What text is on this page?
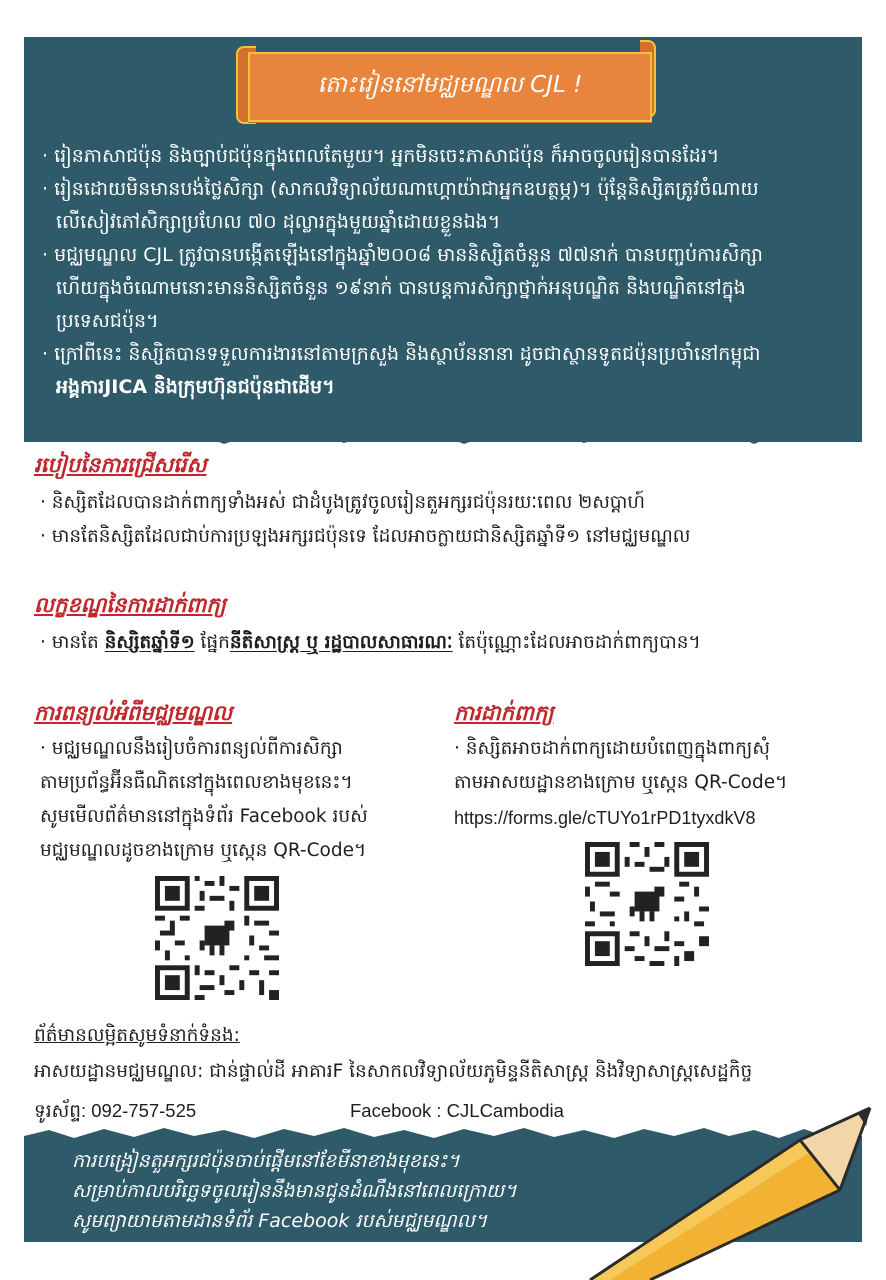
តោះរៀននៅមជ្ឈមណ្ឌល CJL !

· រៀនភាសាជប៉ុន និងច្បាប់ជប៉ុនក្នុងពេលតែមួយ។ អ្នកមិនចេះភាសាជប៉ុន ក៏អាចចូលរៀនបានដែរ។

· រៀនដោយមិនមានបង់ថ្លៃសិក្សា (សាកលវិទ្យាល័យណាហ្គោយ៉ាជាអ្នកឧបត្ថម្ភ)។ ប៉ុន្តែនិស្សិតត្រូវចំណាយ

លើសៀវភៅសិក្សាប្រហែល ៧០ ដុល្លារក្នុងមួយឆ្នាំដោយខ្លួនឯង។

· មជ្ឈមណ្ឌល CJL ត្រូវបានបង្កើតឡើងនៅក្នុងឆ្នាំ២០០៨ មាននិស្សិតចំនួន ៧៧នាក់ បានបញ្ចប់ការសិក្សា

ហើយក្នុងចំណោមនោះមាននិស្សិតចំនួន ១៩នាក់ បានបន្តការសិក្សាថ្នាក់អនុបណ្ឌិត និងបណ្ឌិតនៅក្នុង

ប្រទេសជប៉ុន។

· ក្រៅពីនេះ និស្សិតបានទទួលការងារនៅតាមក្រសួង និងស្ថាប័ននានា ដូចជាស្ថានទូតជប៉ុនប្រចាំនៅកម្ពុជា

អង្គការJICA និងក្រុមហ៊ុនជប៉ុនជាដើម។

របៀបនៃការជ្រើសរើស
· និស្សិតដែលបានដាក់ពាក្យទាំងអស់ ជាដំបូងត្រូវចូលរៀនតួអក្សរជប៉ុនរយៈពេល ២សប្តាហ៍
· មានតែនិស្សិតដែលជាប់ការប្រឡងអក្សរជប៉ុនទេ ដែលអាចក្លាយជានិស្សិតឆ្នាំទី១ នៅមជ្ឈមណ្ឌល
លក្ខខណ្ឌនៃការដាក់ពាក្យ
· មានតែ និស្សិតឆ្នាំទី១ ផ្នែកនីតិសាស្ត្រ ឬ រដ្ឋបាលសាធារណៈ តែប៉ុណ្ណោះដែលអាចដាក់ពាក្យបាន។
ការពន្យល់អំពីមជ្ឈមណ្ឌល
· មជ្ឈមណ្ឌលនឹងរៀបចំការពន្យល់ពីការសិក្សា
តាមប្រព័ន្ធអ៊ីនធឺណិតនៅក្នុងពេលខាងមុខនេះ។
សូមមើលព័ត៌មាននៅក្នុងទំព័រ Facebook របស់
មជ្ឈមណ្ឌលដូចខាងក្រោម ឬស្កេន QR-Code។
ការដាក់ពាក្យ
· និស្សិតអាចដាក់ពាក្យដោយបំពេញក្នុងពាក្យសុំ
តាមអាសយដ្ឋានខាងក្រោម ឬស្កេន QR-Code។
https://forms.gle/cTUYo1rPD1tyxdkV8
ព័ត៌មានលម្អិតសូមទំនាក់ទំនង:
អាសយដ្ឋានមជ្ឈមណ្ឌល: ជាន់ផ្ទាល់ដី អាគារF នៃសាកលវិទ្យាល័យភូមិន្ទនីតិសាស្ត្រ និងវិទ្យាសាស្ត្រសេដ្ឋកិច្ច
ទូរស័ព្ទ: 092-757-525	Facebook : CJLCambodia
ការបង្រៀនតួអក្សរជប៉ុនចាប់ផ្តើមនៅខែមីនាខាងមុខនេះ។
សម្រាប់កាលបរិច្ឆេទចូលរៀននឹងមានជូនដំណឹងនៅពេលក្រោយ។
សូមព្យាយាមតាមដានទំព័រ Facebook របស់មជ្ឈមណ្ឌល។
